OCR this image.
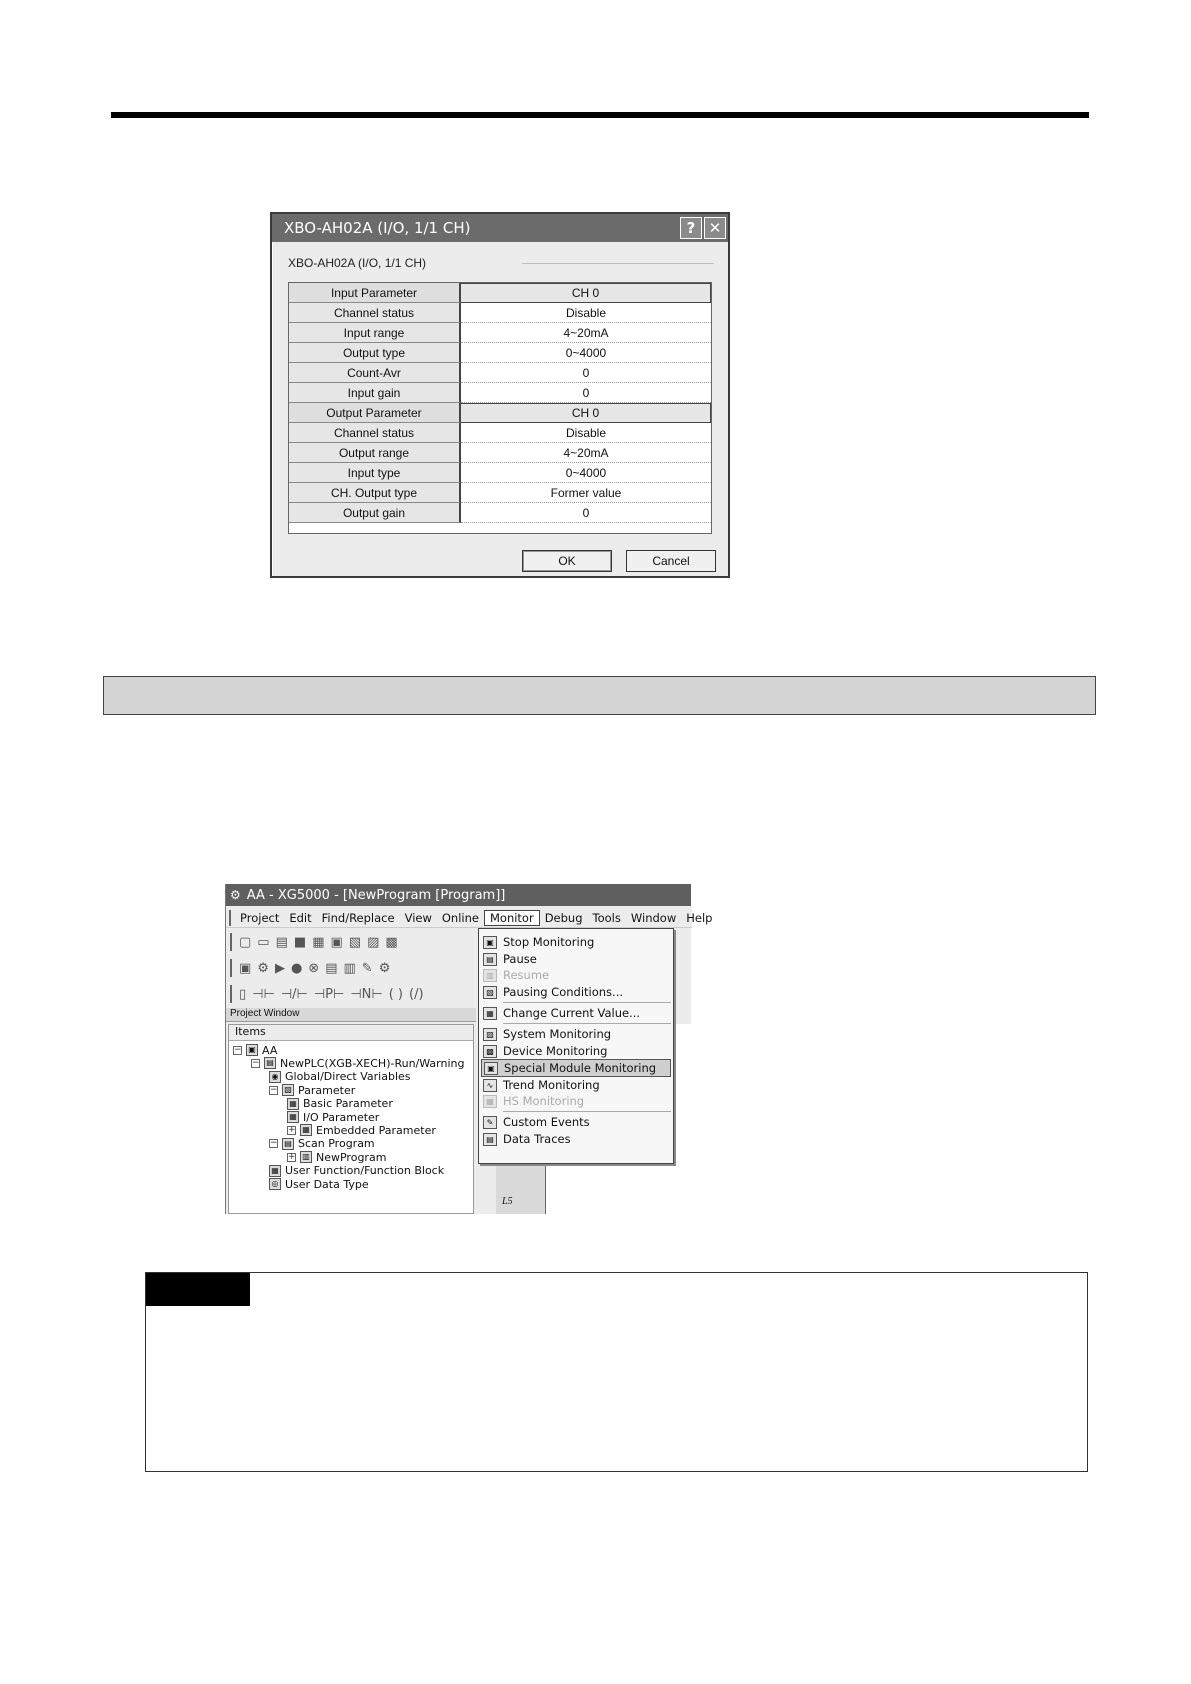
XBO-AH02A (I/O, 1/1 CH)	? ✕
XBO-AH02A (I/O, 1/1 CH)
Input Parameter	CH 0
Channel status	Disable
Input range	4~20mA
Output type	0~4000
Count-Avr	0
Input gain	0
Output Parameter	CH 0
Channel status	Disable
Output range	4~20mA
Input type	0~4000
CH. Output type	Former value
Output gain	0
OK	Cancel
⚙ AA - XG5000 - [NewProgram [Program]]
Project Edit Find/Replace View Online Monitor Debug Tools Window Help
▢ ▭ ▤ ■ ▦ ▣ ▧ ▨ ▩
▣ ⚙ ▶ ● ⊗ ▤ ▥ ✎ ⚙
▯ ⊣⊢ ⊣/⊢ ⊣P⊢ ⊣N⊢ ( ) (/)
Project Window
Items
− ▣ AA
− ▤ NewPLC(XGB-XECH)-Run/Warning
◉ Global/Direct Variables
− ▧ Parameter
▦ Basic Parameter
▦ I/O Parameter
+ ▦ Embedded Parameter
− ▤ Scan Program
+ ▥ NewProgram
▦ User Function/Function Block
◎ User Data Type
L5
▣ Stop Monitoring
▤ Pause
▥ Resume
▧ Pausing Conditions...
▦ Change Current Value...
▨ System Monitoring
▩ Device Monitoring
▣ Special Module Monitoring
∿ Trend Monitoring
▦ HS Monitoring
✎ Custom Events
▤ Data Traces
